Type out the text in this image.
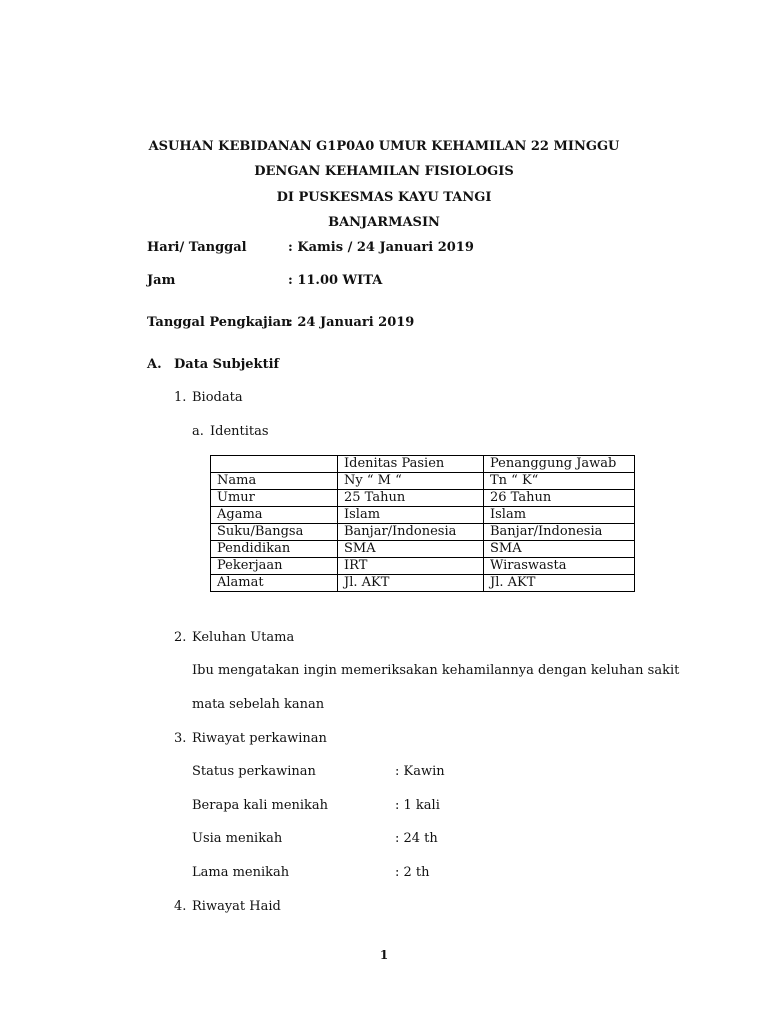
ASUHAN KEBIDANAN G1P0A0 UMUR KEHAMILAN 22 MINGGU
DENGAN KEHAMILAN FISIOLOGIS
DI PUSKESMAS KAYU TANGI
BANJARMASIN
Hari/ Tanggal	: Kamis / 24 Januari 2019
Jam	: 11.00 WITA
Tanggal Pengkajian
: 24 Januari 2019
A. Data Subjektif
1. Biodata
a. Identitas
	Idenitas Pasien	Penanggung Jawab
Nama	Ny “ M “	Tn “ K“
Umur	25 Tahun	26 Tahun
Agama	Islam	Islam
Suku/Bangsa	Banjar/Indonesia	Banjar/Indonesia
Pendidikan	SMA	SMA
Pekerjaan	IRT	Wiraswasta
Alamat	Jl. AKT	Jl. AKT
2. Keluhan Utama
Ibu mengatakan ingin memeriksakan kehamilannya dengan keluhan sakit
mata sebelah kanan
3. Riwayat perkawinan
Status perkawinan	: Kawin
Berapa kali menikah	: 1 kali
Usia menikah	: 24 th
Lama menikah	: 2 th
4. Riwayat Haid
1
